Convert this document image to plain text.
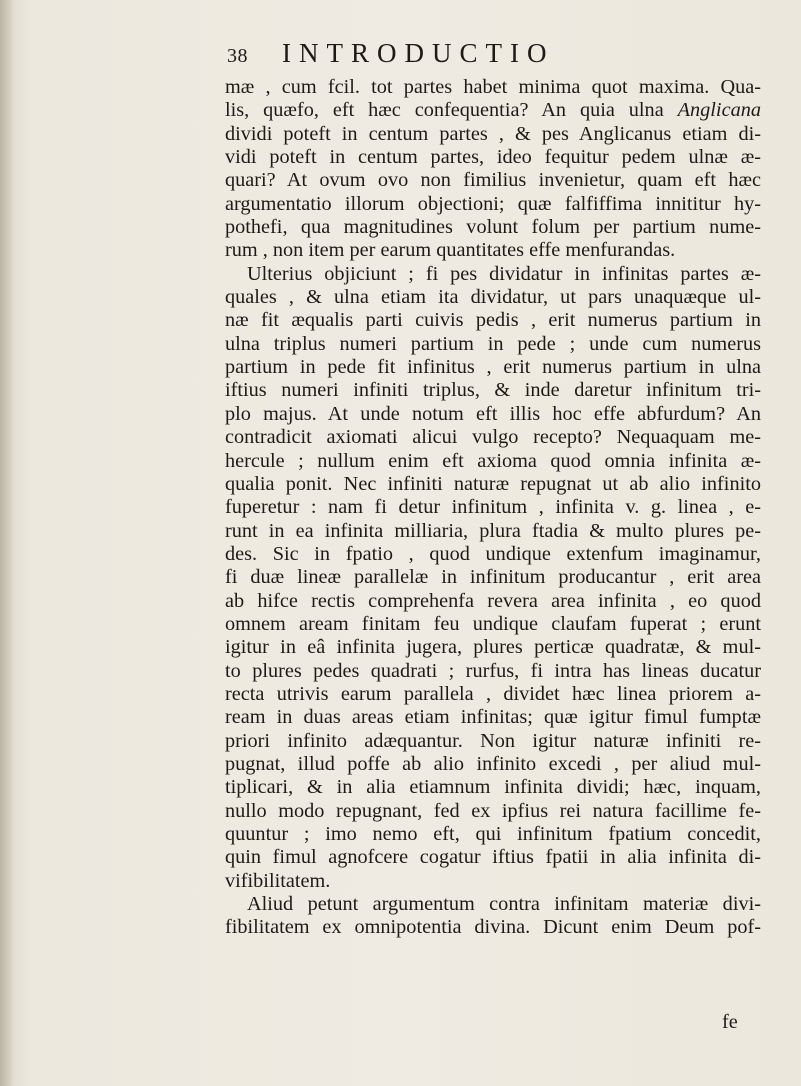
38 INTRODUCTIO
mæ , cum fcil. tot partes habet minima quot maxima. Qua-
lis, quæfo, eft hæc confequentia? An quia ulna Anglicana
dividi poteft in centum partes , & pes Anglicanus etiam di-
vidi poteft in centum partes, ideo fequitur pedem ulnæ æ-
quari? At ovum ovo non fimilius invenietur, quam eft hæc
argumentatio illorum objectioni; quæ falfiffima innititur hy-
pothefi, qua magnitudines volunt folum per partium nume-
rum , non item per earum quantitates effe menfurandas.
Ulterius objiciunt ; fi pes dividatur in infinitas partes æ-
quales , & ulna etiam ita dividatur, ut pars unaquæque ul-
næ fit æqualis parti cuivis pedis , erit numerus partium in
ulna triplus numeri partium in pede ; unde cum numerus
partium in pede fit infinitus , erit numerus partium in ulna
iftius numeri infiniti triplus, & inde daretur infinitum tri-
plo majus. At unde notum eft illis hoc effe abfurdum? An
contradicit axiomati alicui vulgo recepto? Nequaquam me-
hercule ; nullum enim eft axioma quod omnia infinita æ-
qualia ponit. Nec infiniti naturæ repugnat ut ab alio infinito
fuperetur : nam fi detur infinitum , infinita v. g. linea , e-
runt in ea infinita milliaria, plura ftadia & multo plures pe-
des. Sic in fpatio , quod undique extenfum imaginamur,
fi duæ lineæ parallelæ in infinitum producantur , erit area
ab hifce rectis comprehenfa revera area infinita , eo quod
omnem aream finitam feu undique claufam fuperat ; erunt
igitur in eâ infinita jugera, plures perticæ quadratæ, & mul-
to plures pedes quadrati ; rurfus, fi intra has lineas ducatur
recta utrivis earum parallela , dividet hæc linea priorem a-
ream in duas areas etiam infinitas; quæ igitur fimul fumptæ
priori infinito adæquantur. Non igitur naturæ infiniti re-
pugnat, illud poffe ab alio infinito excedi , per aliud mul-
tiplicari, & in alia etiamnum infinita dividi; hæc, inquam,
nullo modo repugnant, fed ex ipfius rei natura facillime fe-
quuntur ; imo nemo eft, qui infinitum fpatium concedit,
quin fimul agnofcere cogatur iftius fpatii in alia infinita di-
vifibilitatem.
Aliud petunt argumentum contra infinitam materiæ divi-
fibilitatem ex omnipotentia divina. Dicunt enim Deum pof-
fe
